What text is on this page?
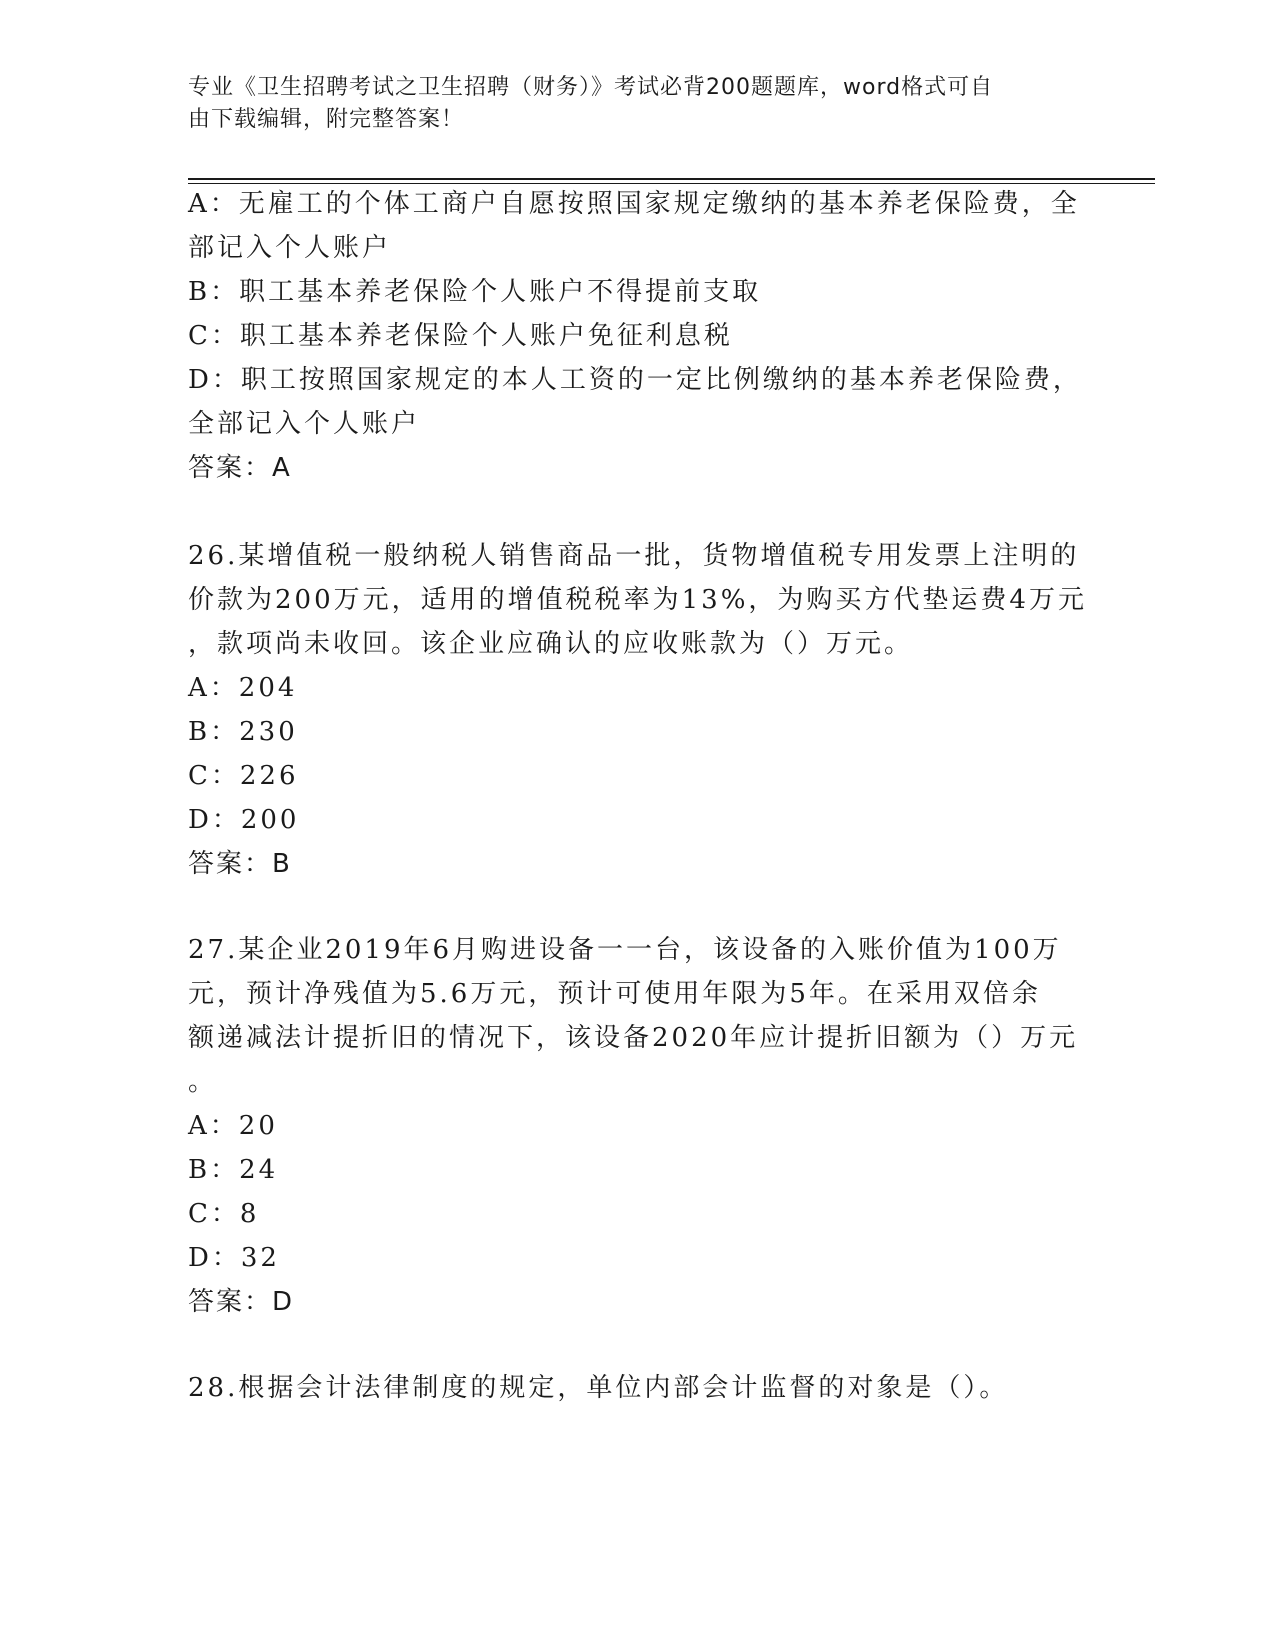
专业《卫生招聘考试之卫生招聘（财务）》考试必背200题题库，word格式可自
由下载编辑，附完整答案！
A：无雇工的个体工商户自愿按照国家规定缴纳的基本养老保险费，全
部记入个人账户
B：职工基本养老保险个人账户不得提前支取
C：职工基本养老保险个人账户免征利息税
D：职工按照国家规定的本人工资的一定比例缴纳的基本养老保险费，
全部记入个人账户
答案：A
26.某增值税一般纳税人销售商品一批，货物增值税专用发票上注明的
价款为200万元，适用的增值税税率为13%，为购买方代垫运费4万元
，款项尚未收回。该企业应确认的应收账款为（）万元。
A：204
B：230
C：226
D：200
答案：B
27.某企业2019年6月购进设备一一台，该设备的入账价值为100万
元，预计净残值为5.6万元，预计可使用年限为5年。在采用双倍余
额递减法计提折旧的情况下，该设备2020年应计提折旧额为（）万元
。
A：20
B：24
C：8
D：32
答案：D
28.根据会计法律制度的规定，单位内部会计监督的对象是（）。
